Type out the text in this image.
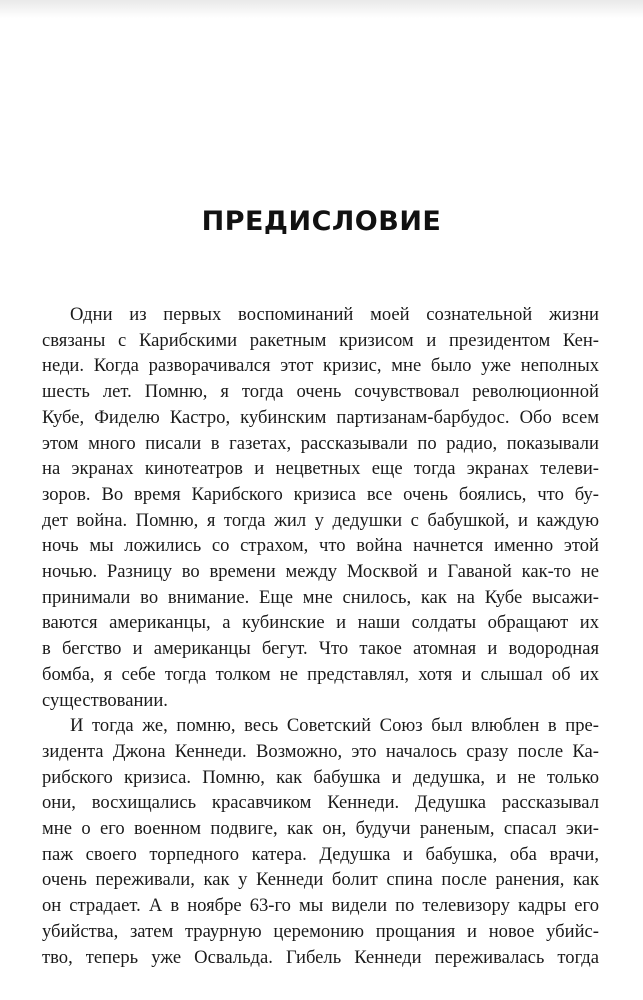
ПРЕДИСЛОВИЕ
Одни из первых воспоминаний моей сознательной жизни
связаны с Карибскими ракетным кризисом и президентом Кен-
неди. Когда разворачивался этот кризис, мне было уже неполных
шесть лет. Помню, я тогда очень сочувствовал революционной
Кубе, Фиделю Кастро, кубинским партизанам-барбудос. Обо всем
этом много писали в газетах, рассказывали по радио, показывали
на экранах кинотеатров и нецветных еще тогда экранах телеви-
зоров. Во время Карибского кризиса все очень боялись, что бу-
дет война. Помню, я тогда жил у дедушки с бабушкой, и каждую
ночь мы ложились со страхом, что война начнется именно этой
ночью. Разницу во времени между Москвой и Гаваной как-то не
принимали во внимание. Еще мне снилось, как на Кубе высажи-
ваются американцы, а кубинские и наши солдаты обращают их
в бегство и американцы бегут. Что такое атомная и водородная
бомба, я себе тогда толком не представлял, хотя и слышал об их
существовании.
И тогда же, помню, весь Советский Союз был влюблен в пре-
зидента Джона Кеннеди. Возможно, это началось сразу после Ка-
рибского кризиса. Помню, как бабушка и дедушка, и не только
они, восхищались красавчиком Кеннеди. Дедушка рассказывал
мне о его военном подвиге, как он, будучи раненым, спасал эки-
паж своего торпедного катера. Дедушка и бабушка, оба врачи,
очень переживали, как у Кеннеди болит спина после ранения, как
он страдает. А в ноябре 63-го мы видели по телевизору кадры его
убийства, затем траурную церемонию прощания и новое убийс-
тво, теперь уже Освальда. Гибель Кеннеди переживалась тогда
